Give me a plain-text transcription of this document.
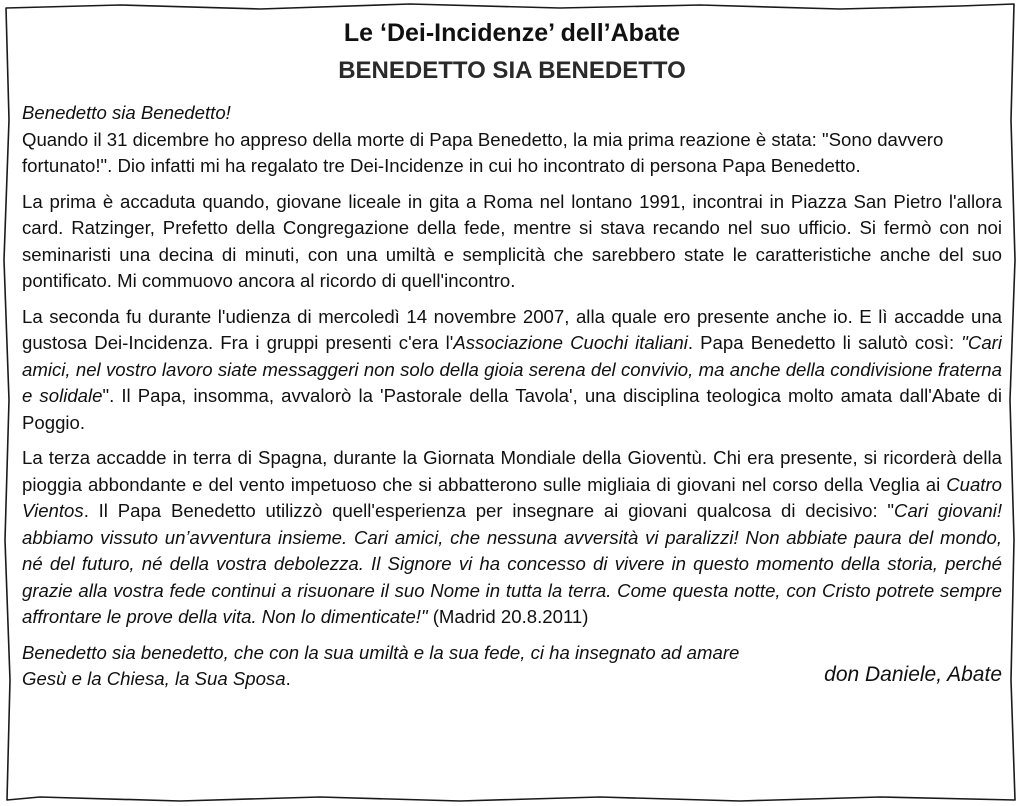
Le ‘Dei-Incidenze’ dell’Abate
BENEDETTO SIA BENEDETTO

Benedetto sia Benedetto!
Quando il 31 dicembre ho appreso della morte di Papa Benedetto, la mia prima reazione è stata: "Sono davvero fortunato!". Dio infatti mi ha regalato tre Dei-Incidenze in cui ho incontrato di persona Papa Benedetto.

La prima è accaduta quando, giovane liceale in gita a Roma nel lontano 1991, incontrai in Piazza San Pietro l'allora card. Ratzinger, Prefetto della Congregazione della fede, mentre si stava recando nel suo ufficio. Si fermò con noi seminaristi una decina di minuti, con una umiltà e semplicità che sarebbero state le caratteristiche anche del suo pontificato. Mi commuovo ancora al ricordo di quell'incontro.

La seconda fu durante l'udienza di mercoledì 14 novembre 2007, alla quale ero presente anche io. E lì accadde una gustosa Dei-Incidenza. Fra i gruppi presenti c'era l'Associazione Cuochi italiani. Papa Benedetto li salutò così: "Cari amici, nel vostro lavoro siate messaggeri non solo della gioia serena del convivio, ma anche della condivisione fraterna e solidale". Il Papa, insomma, avvalorò la 'Pastorale della Tavola', una disciplina teologica molto amata dall'Abate di Poggio.

La terza accadde in terra di Spagna, durante la Giornata Mondiale della Gioventù. Chi era presente, si ricorderà della pioggia abbondante e del vento impetuoso che si abbatterono sulle migliaia di giovani nel corso della Veglia ai Cuatro Vientos. Il Papa Benedetto utilizzò quell'esperienza per insegnare ai giovani qualcosa di decisivo: "Cari giovani! abbiamo vissuto un’avventura insieme. Cari amici, che nessuna avversità vi paralizzi! Non abbiate paura del mondo, né del futuro, né della vostra debolezza. Il Signore vi ha concesso di vivere in questo momento della storia, perché grazie alla vostra fede continui a risuonare il suo Nome in tutta la terra. Come questa notte, con Cristo potrete sempre affrontare le prove della vita. Non lo dimenticate!" (Madrid 20.8.2011)

Benedetto sia benedetto, che con la sua umiltà e la sua fede, ci ha insegnato ad amare Gesù e la Chiesa, la Sua Sposa.	don Daniele, Abate
